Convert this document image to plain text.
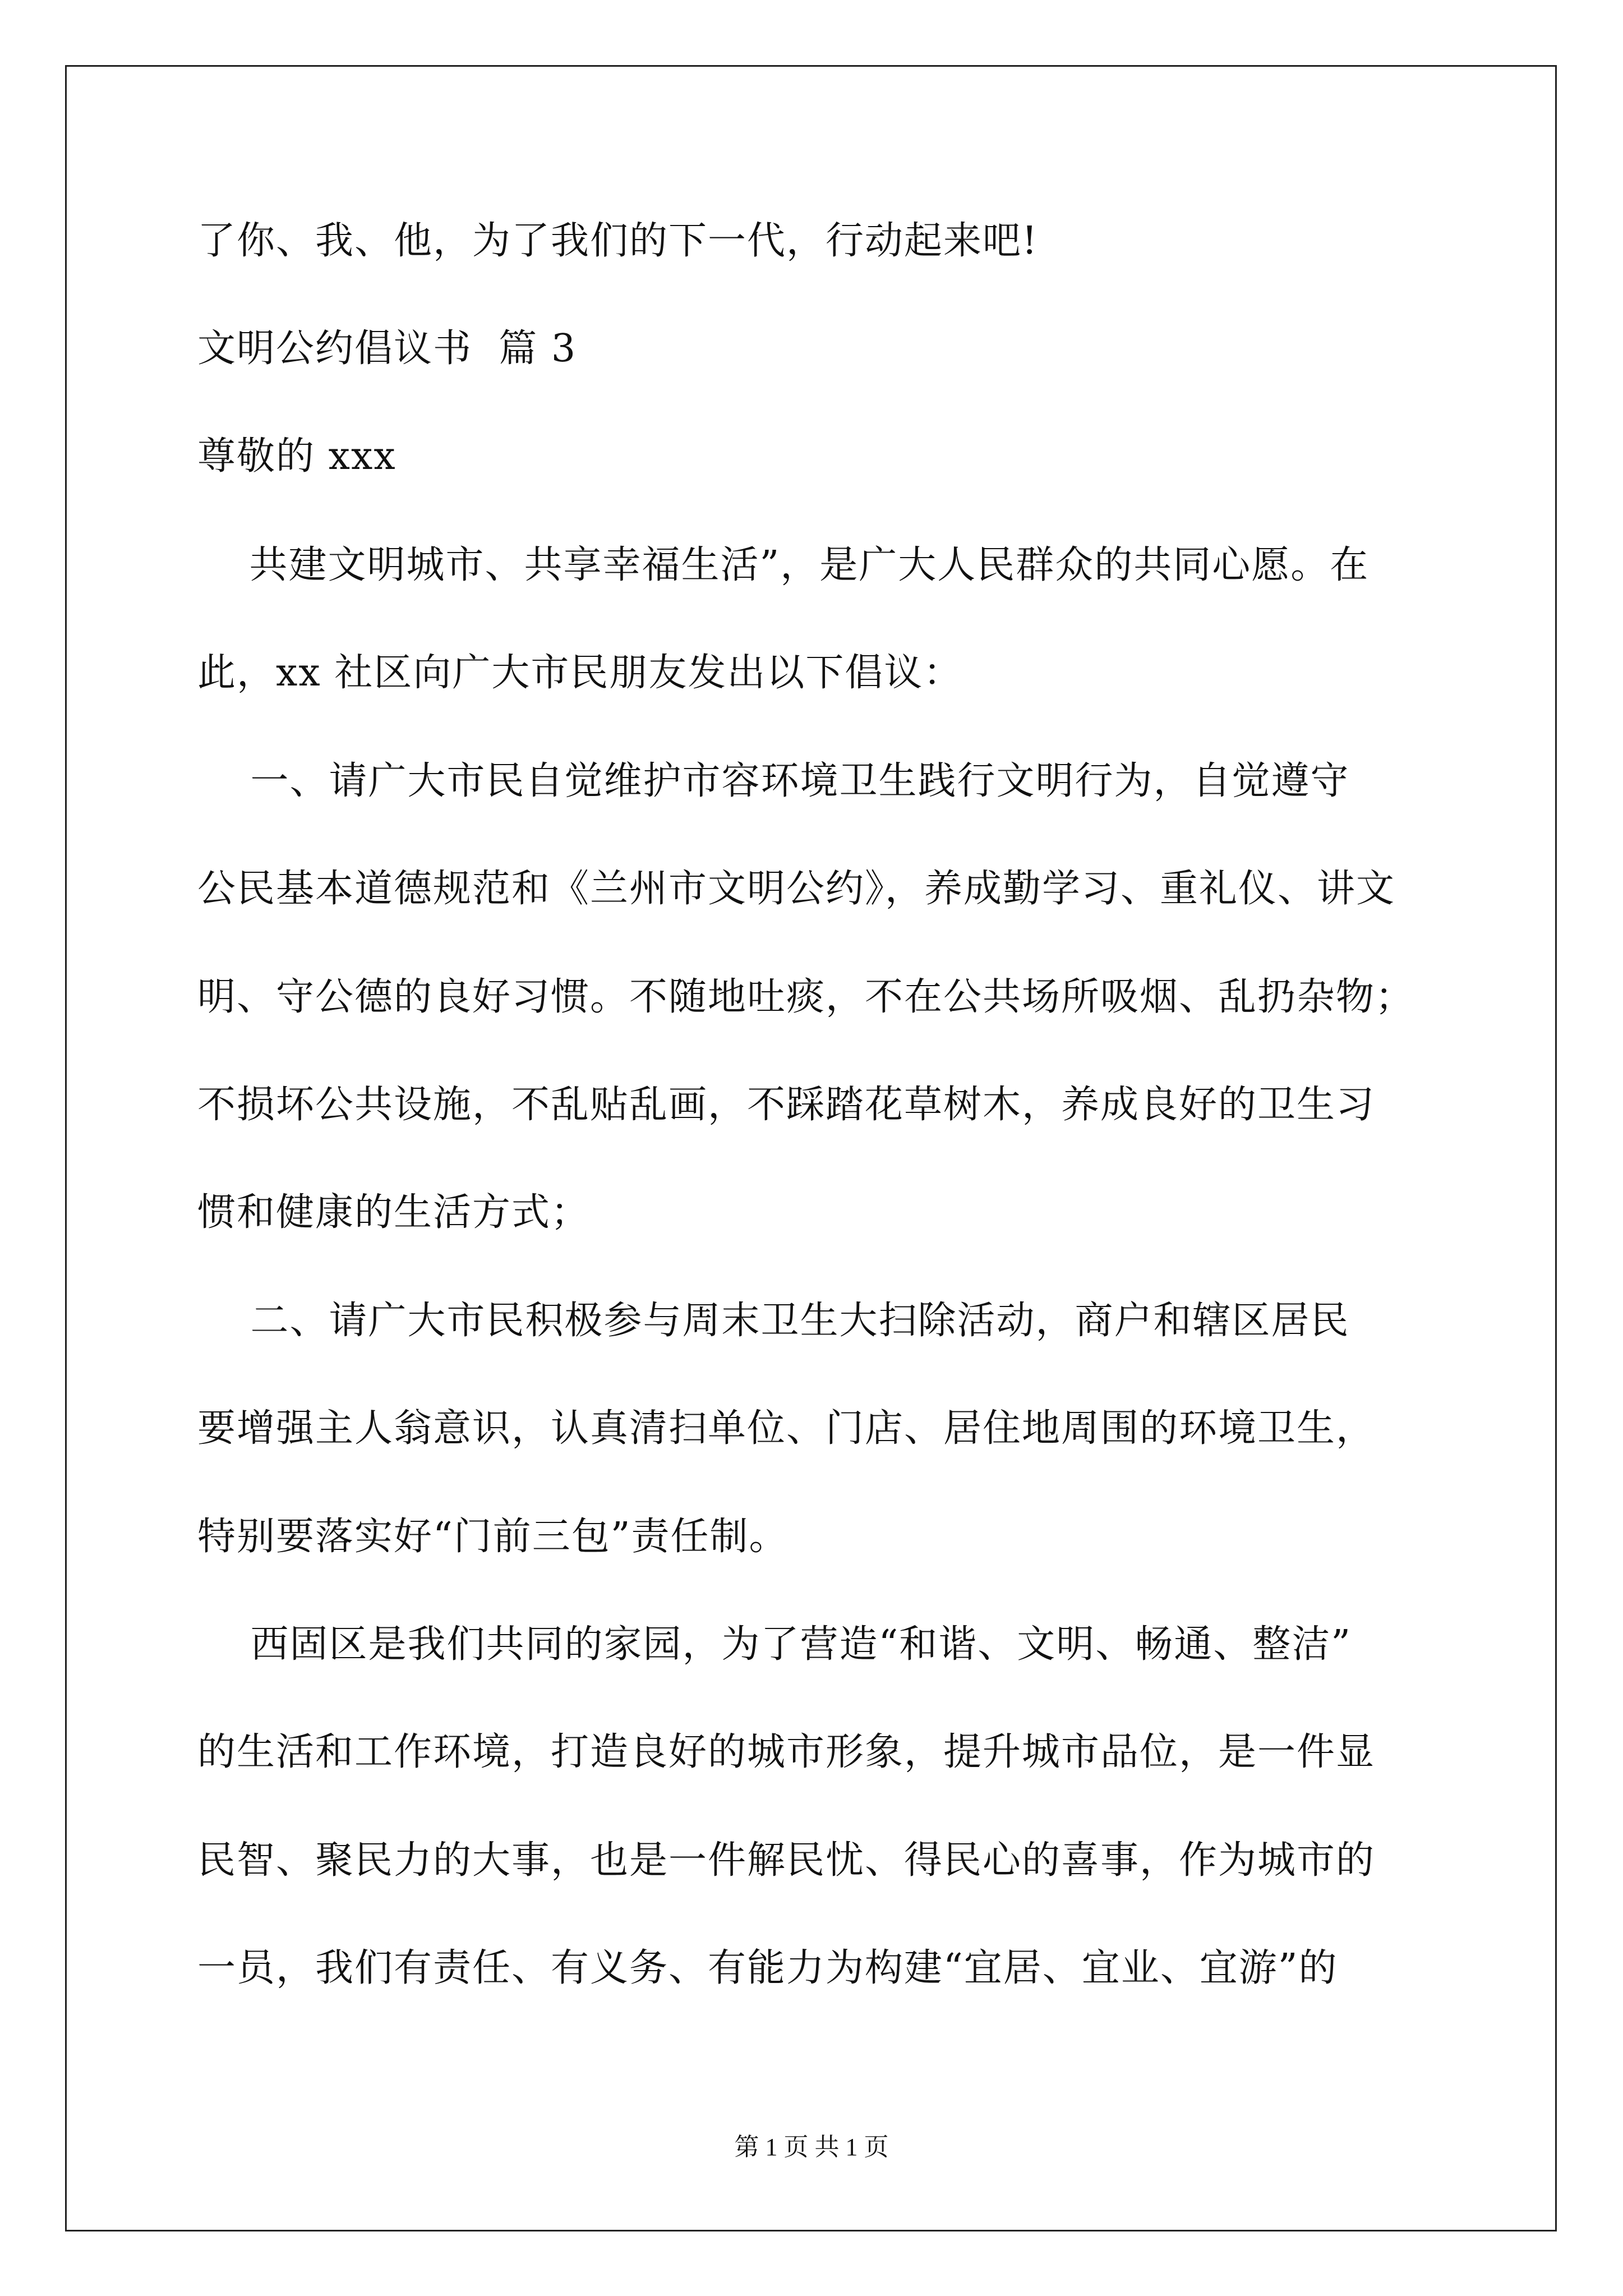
了你、我、他，为了我们的下一代，行动起来吧!
文明公约倡议书  篇 3
尊敬的 xxx
共建文明城市、共享幸福生活”，是广大人民群众的共同心愿。在
此，xx 社区向广大市民朋友发出以下倡议：
一、请广大市民自觉维护市容环境卫生践行文明行为，自觉遵守
公民基本道德规范和《兰州市文明公约》，养成勤学习、重礼仪、讲文
明、守公德的良好习惯。不随地吐痰，不在公共场所吸烟、乱扔杂物；
不损坏公共设施，不乱贴乱画，不踩踏花草树木，养成良好的卫生习
惯和健康的生活方式；
二、请广大市民积极参与周末卫生大扫除活动，商户和辖区居民
要增强主人翁意识，认真清扫单位、门店、居住地周围的环境卫生，
特别要落实好“门前三包”责任制。
西固区是我们共同的家园，为了营造“和谐、文明、畅通、整洁”
的生活和工作环境，打造良好的城市形象，提升城市品位，是一件显
民智、聚民力的大事，也是一件解民忧、得民心的喜事，作为城市的
一员，我们有责任、有义务、有能力为构建“宜居、宜业、宜游”的
第 1 页 共 1 页
